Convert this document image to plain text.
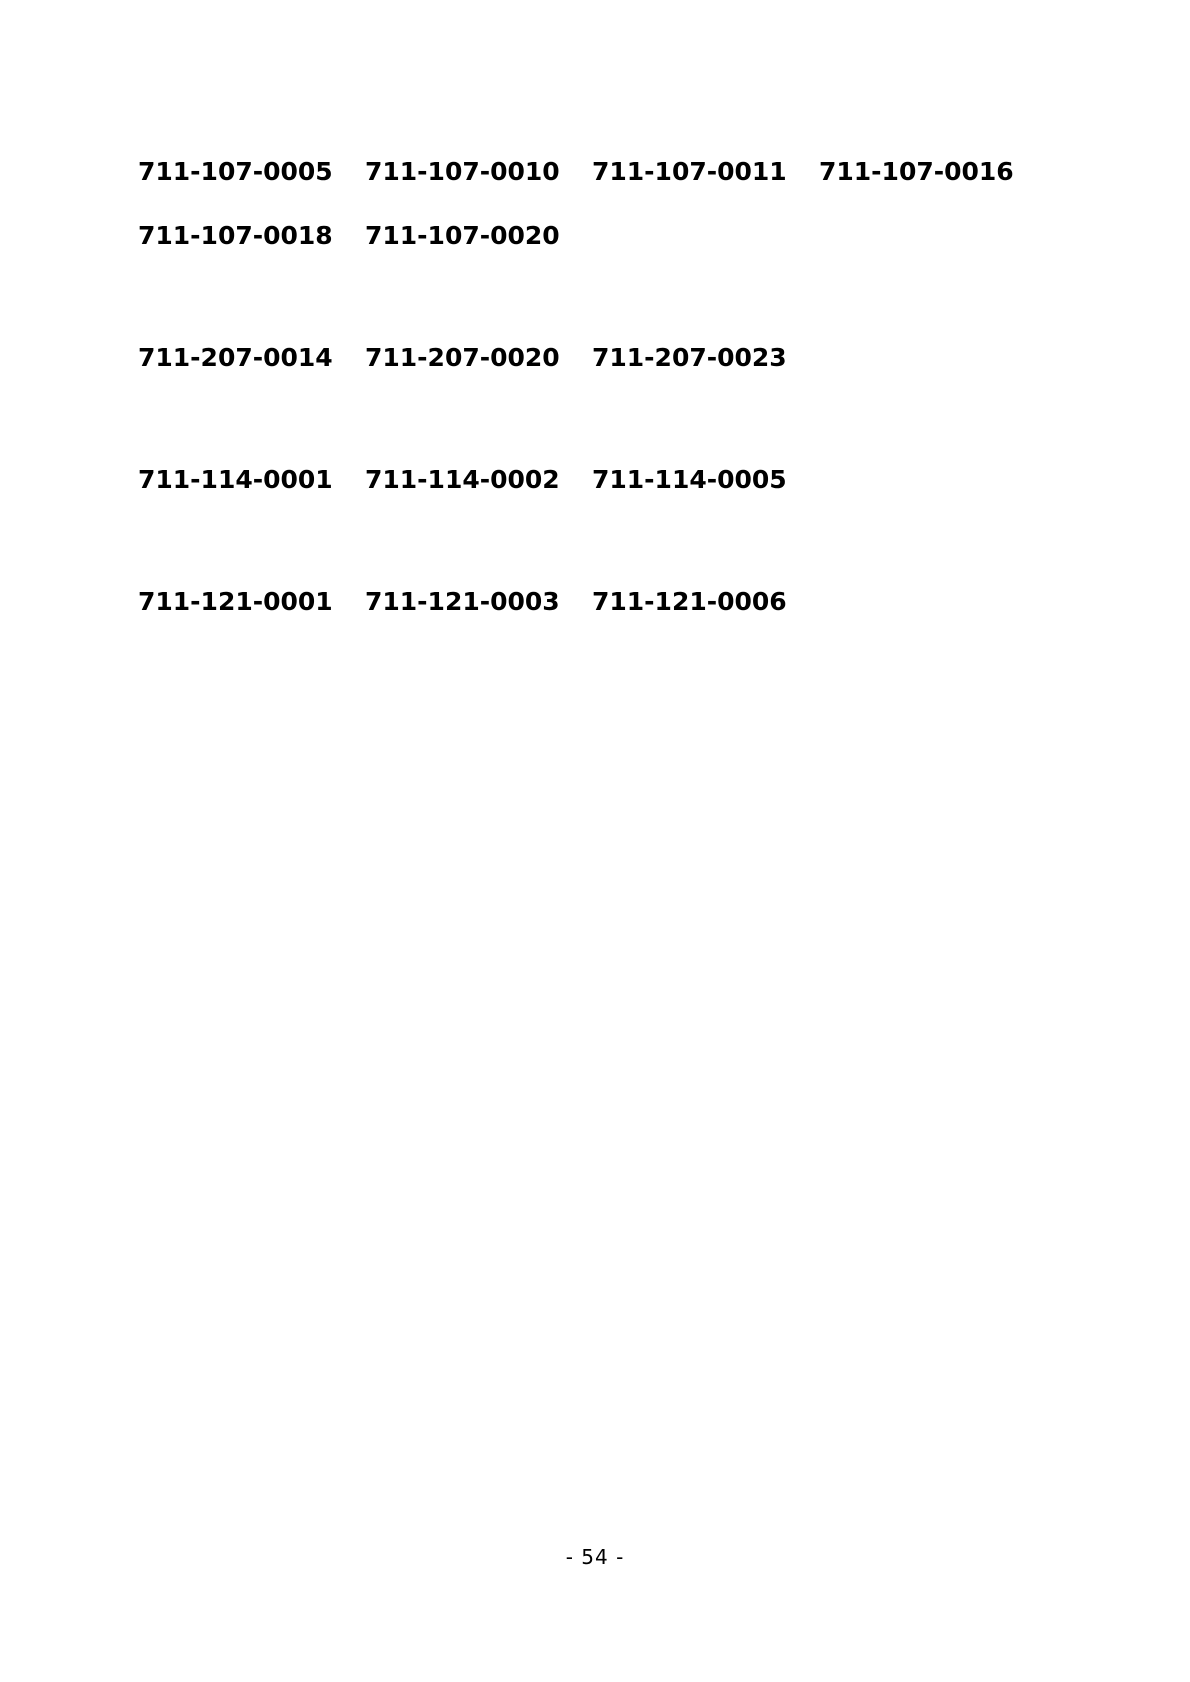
711-107-0005	711-107-0010	711-107-0011	711-107-0016
711-107-0018	711-107-0020
711-207-0014	711-207-0020	711-207-0023
711-114-0001	711-114-0002	711-114-0005
711-121-0001	711-121-0003	711-121-0006
- 54 -
